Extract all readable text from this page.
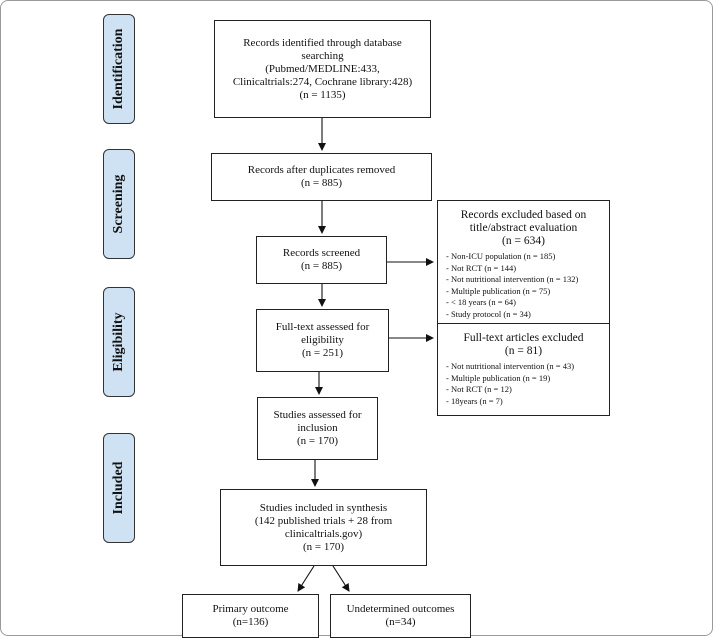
Identification
Screening
Eligibility
Included
Records identified through database
searching
(Pubmed/MEDLINE:433,
Clinicaltrials:274, Cochrane library:428)
(n = 1135)
Records after duplicates removed
(n = 885)
Records screened
(n = 885)
Full-text assessed for
eligibility
(n = 251)
Studies assessed for
inclusion
(n = 170)
Studies included in synthesis
(142 published trials + 28 from
clinicaltrials.gov)
(n = 170)
Primary outcome
(n=136)
Undetermined outcomes
(n=34)
Records excluded based on
title/abstract evaluation
(n = 634)
- Non-ICU population (n = 185)
- Not RCT (n = 144)
- Not nutritional intervention (n = 132)
- Multiple publication (n = 75)
- < 18 years (n = 64)
- Study protocol (n = 34)
Full-text articles excluded
(n = 81)
- Not nutritional intervention (n = 43)
- Multiple publication (n = 19)
- Not RCT (n = 12)
- 18years (n = 7)
